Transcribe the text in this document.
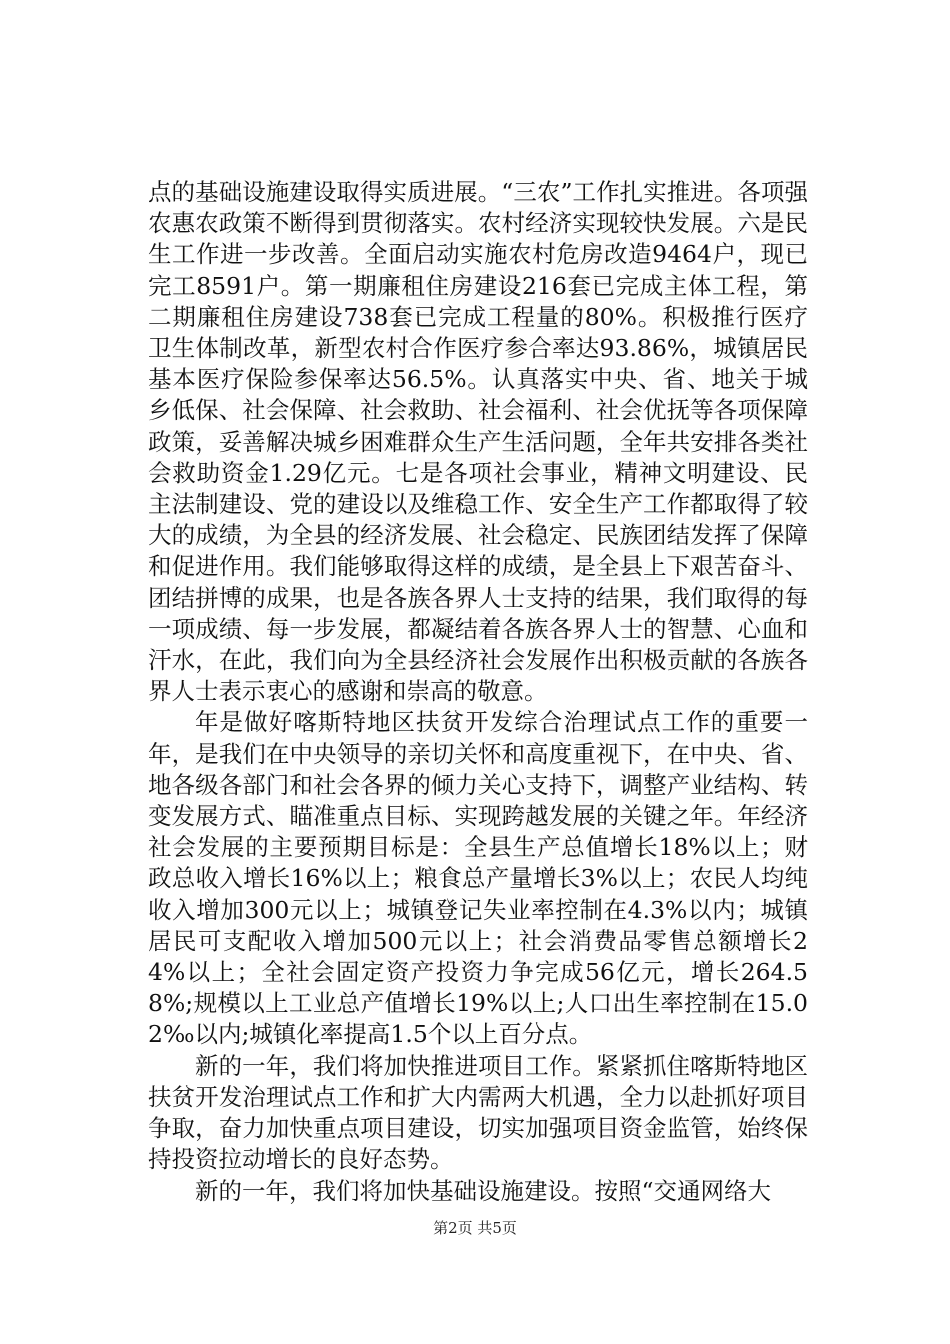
点的基础设施建设取得实质进展。“三农”工作扎实推进。各项强农惠农政策不断得到贯彻落实。农村经济实现较快发展。六是民生工作进一步改善。全面启动实施农村危房改造9464户，现已完工8591户。第一期廉租住房建设216套已完成主体工程，第二期廉租住房建设738套已完成工程量的80%。积极推行医疗卫生体制改革，新型农村合作医疗参合率达93.86%，城镇居民基本医疗保险参保率达56.5%。认真落实中央、省、地关于城乡低保、社会保障、社会救助、社会福利、社会优抚等各项保障政策，妥善解决城乡困难群众生产生活问题，全年共安排各类社会救助资金1.29亿元。七是各项社会事业，精神文明建设、民主法制建设、党的建设以及维稳工作、安全生产工作都取得了较大的成绩，为全县的经济发展、社会稳定、民族团结发挥了保障和促进作用。我们能够取得这样的成绩，是全县上下艰苦奋斗、团结拼博的成果，也是各族各界人士支持的结果，我们取得的每一项成绩、每一步发展，都凝结着各族各界人士的智慧、心血和汗水，在此，我们向为全县经济社会发展作出积极贡献的各族各界人士表示衷心的感谢和崇高的敬意。

年是做好喀斯特地区扶贫开发综合治理试点工作的重要一年，是我们在中央领导的亲切关怀和高度重视下，在中央、省、地各级各部门和社会各界的倾力关心支持下，调整产业结构、转变发展方式、瞄准重点目标、实现跨越发展的关键之年。年经济社会发展的主要预期目标是：全县生产总值增长18%以上；财政总收入增长16%以上；粮食总产量增长3%以上；农民人均纯收入增加300元以上；城镇登记失业率控制在4.3%以内；城镇居民可支配收入增加500元以上；社会消费品零售总额增长24%以上；全社会固定资产投资力争完成56亿元，增长264.58%;规模以上工业总产值增长19%以上;人口出生率控制在15.02‰以内;城镇化率提高1.5个以上百分点。

新的一年，我们将加快推进项目工作。紧紧抓住喀斯特地区扶贫开发治理试点工作和扩大内需两大机遇，全力以赴抓好项目争取，奋力加快重点项目建设，切实加强项目资金监管，始终保持投资拉动增长的良好态势。

新的一年，我们将加快基础设施建设。按照“交通网络大

第2页 共5页
